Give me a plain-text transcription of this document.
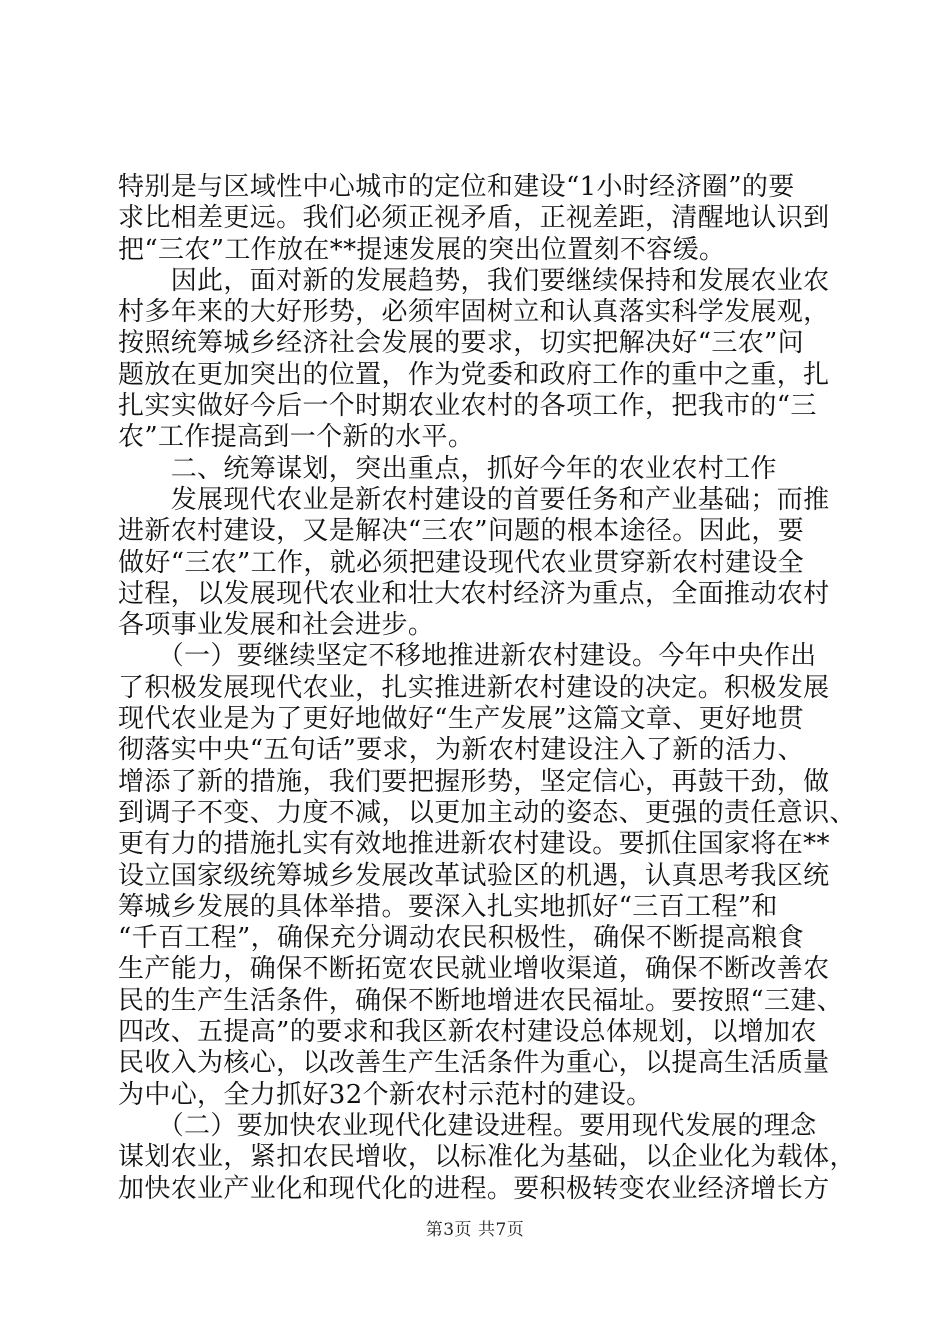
特别是与区域性中心城市的定位和建设“1小时经济圈”的要
求比相差更远。我们必须正视矛盾，正视差距，清醒地认识到
把“三农”工作放在**提速发展的突出位置刻不容缓。
　　因此，面对新的发展趋势，我们要继续保持和发展农业农
村多年来的大好形势，必须牢固树立和认真落实科学发展观，
按照统筹城乡经济社会发展的要求，切实把解决好“三农”问
题放在更加突出的位置，作为党委和政府工作的重中之重，扎
扎实实做好今后一个时期农业农村的各项工作，把我市的“三
农”工作提高到一个新的水平。
　　二、统筹谋划，突出重点，抓好今年的农业农村工作
　　发展现代农业是新农村建设的首要任务和产业基础；而推
进新农村建设，又是解决“三农”问题的根本途径。因此，要
做好“三农”工作，就必须把建设现代农业贯穿新农村建设全
过程，以发展现代农业和壮大农村经济为重点，全面推动农村
各项事业发展和社会进步。
　　（一）要继续坚定不移地推进新农村建设。今年中央作出
了积极发展现代农业，扎实推进新农村建设的决定。积极发展
现代农业是为了更好地做好“生产发展”这篇文章、更好地贯
彻落实中央“五句话”要求，为新农村建设注入了新的活力、
增添了新的措施，我们要把握形势，坚定信心，再鼓干劲，做
到调子不变、力度不减，以更加主动的姿态、更强的责任意识、
更有力的措施扎实有效地推进新农村建设。要抓住国家将在**
设立国家级统筹城乡发展改革试验区的机遇，认真思考我区统
筹城乡发展的具体举措。要深入扎实地抓好“三百工程”和
“千百工程”，确保充分调动农民积极性，确保不断提高粮食
生产能力，确保不断拓宽农民就业增收渠道，确保不断改善农
民的生产生活条件，确保不断地增进农民福址。要按照“三建、
四改、五提高”的要求和我区新农村建设总体规划，以增加农
民收入为核心，以改善生产生活条件为重心，以提高生活质量
为中心，全力抓好32个新农村示范村的建设。
　　（二）要加快农业现代化建设进程。要用现代发展的理念
谋划农业，紧扣农民增收，以标准化为基础，以企业化为载体，
加快农业产业化和现代化的进程。要积极转变农业经济增长方
第3页 共7页
